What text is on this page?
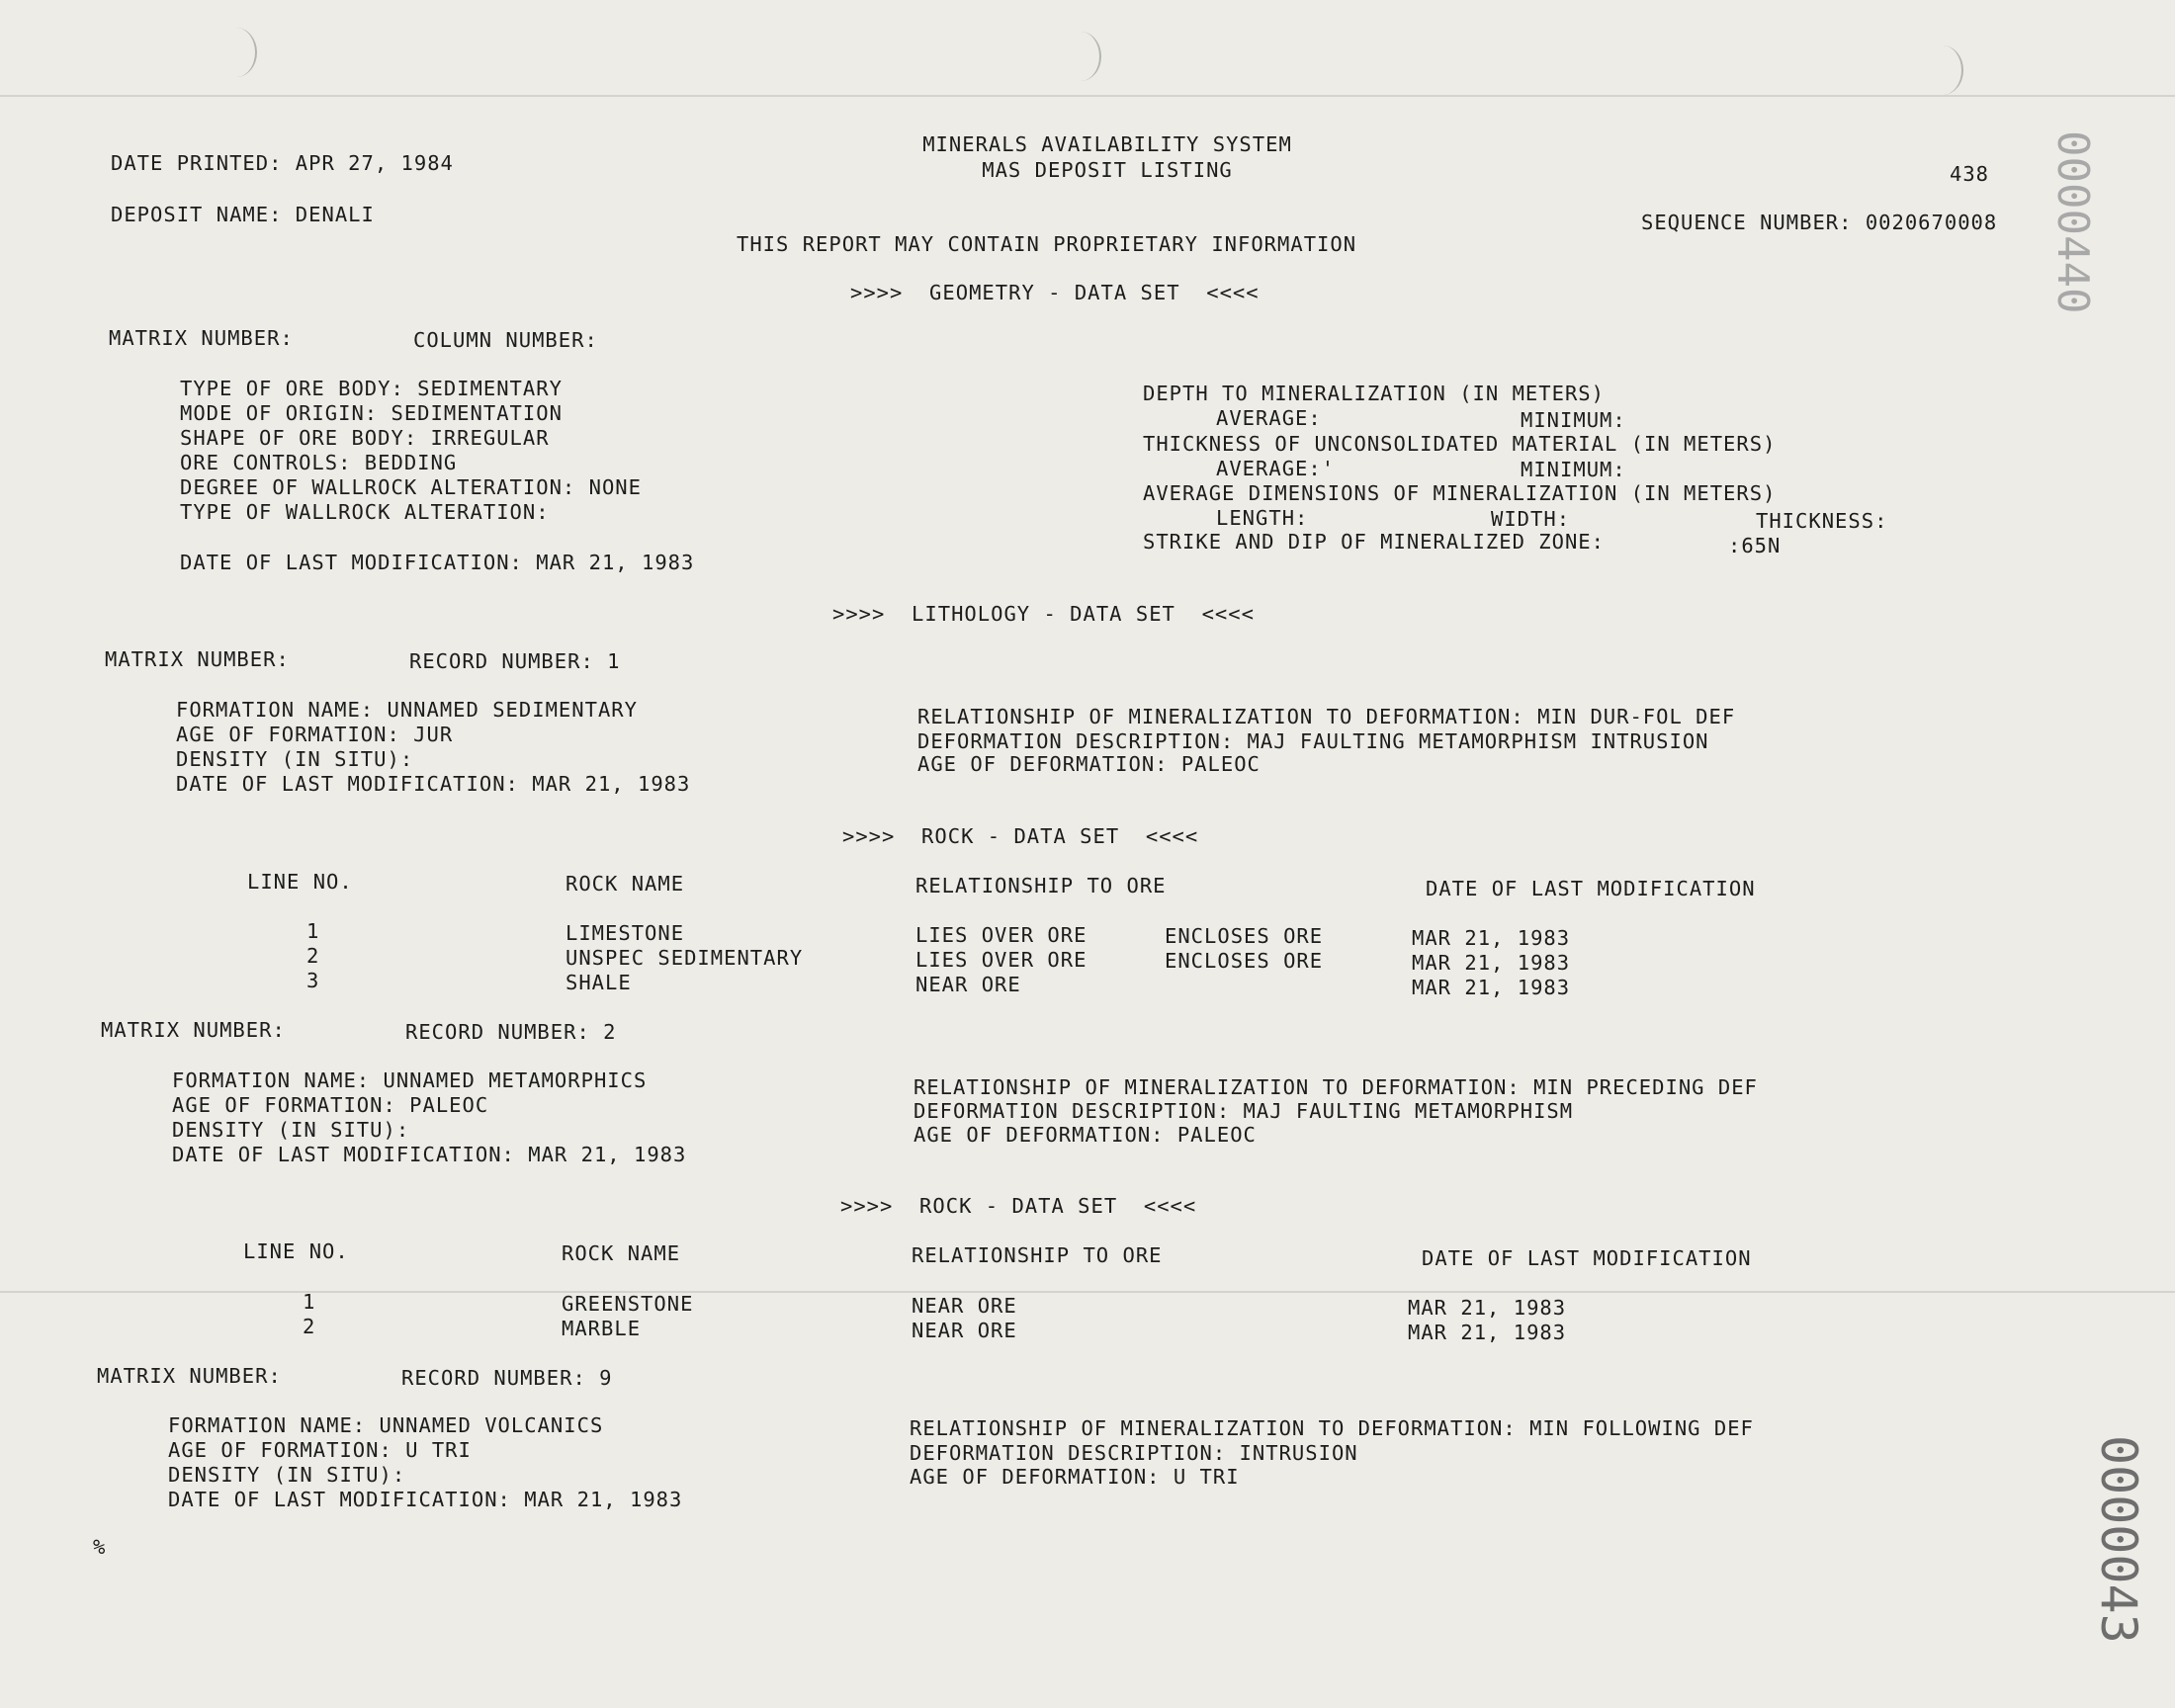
0000440
0000043
DATE PRINTED: APR 27, 1984
MINERALS AVAILABILITY SYSTEM
MAS DEPOSIT LISTING	438
DEPOSIT NAME: DENALI	SEQUENCE NUMBER: 0020670008
THIS REPORT MAY CONTAIN PROPRIETARY INFORMATION
>>>>  GEOMETRY - DATA SET  <<<<
MATRIX NUMBER:	COLUMN NUMBER:
TYPE OF ORE BODY: SEDIMENTARY
MODE OF ORIGIN: SEDIMENTATION
SHAPE OF ORE BODY: IRREGULAR
ORE CONTROLS: BEDDING
DEGREE OF WALLROCK ALTERATION: NONE
TYPE OF WALLROCK ALTERATION:
DATE OF LAST MODIFICATION: MAR 21, 1983
DEPTH TO MINERALIZATION (IN METERS)
AVERAGE:	MINIMUM:
THICKNESS OF UNCONSOLIDATED MATERIAL (IN METERS)
AVERAGE:'	MINIMUM:
AVERAGE DIMENSIONS OF MINERALIZATION (IN METERS)
LENGTH:	WIDTH:	THICKNESS:
STRIKE AND DIP OF MINERALIZED ZONE:	:65N
>>>>  LITHOLOGY - DATA SET  <<<<
MATRIX NUMBER:	RECORD NUMBER: 1
FORMATION NAME: UNNAMED SEDIMENTARY
AGE OF FORMATION: JUR
DENSITY (IN SITU):
DATE OF LAST MODIFICATION: MAR 21, 1983
RELATIONSHIP OF MINERALIZATION TO DEFORMATION: MIN DUR-FOL DEF
DEFORMATION DESCRIPTION: MAJ FAULTING METAMORPHISM INTRUSION
AGE OF DEFORMATION: PALEOC
>>>>  ROCK - DATA SET  <<<<
LINE NO.	ROCK NAME	RELATIONSHIP TO ORE	DATE OF LAST MODIFICATION
1	LIMESTONE	LIES OVER ORE	ENCLOSES ORE	MAR 21, 1983
2	UNSPEC SEDIMENTARY	LIES OVER ORE	ENCLOSES ORE	MAR 21, 1983
3	SHALE	NEAR ORE	MAR 21, 1983
MATRIX NUMBER:	RECORD NUMBER: 2
FORMATION NAME: UNNAMED METAMORPHICS
AGE OF FORMATION: PALEOC
DENSITY (IN SITU):
DATE OF LAST MODIFICATION: MAR 21, 1983
RELATIONSHIP OF MINERALIZATION TO DEFORMATION: MIN PRECEDING DEF
DEFORMATION DESCRIPTION: MAJ FAULTING METAMORPHISM
AGE OF DEFORMATION: PALEOC
>>>>  ROCK - DATA SET  <<<<
LINE NO.	ROCK NAME	RELATIONSHIP TO ORE	DATE OF LAST MODIFICATION
1	GREENSTONE	NEAR ORE	MAR 21, 1983
2	MARBLE	NEAR ORE	MAR 21, 1983
MATRIX NUMBER:	RECORD NUMBER: 9
FORMATION NAME: UNNAMED VOLCANICS
AGE OF FORMATION: U TRI
DENSITY (IN SITU):
DATE OF LAST MODIFICATION: MAR 21, 1983
RELATIONSHIP OF MINERALIZATION TO DEFORMATION: MIN FOLLOWING DEF
DEFORMATION DESCRIPTION: INTRUSION
AGE OF DEFORMATION: U TRI
%
